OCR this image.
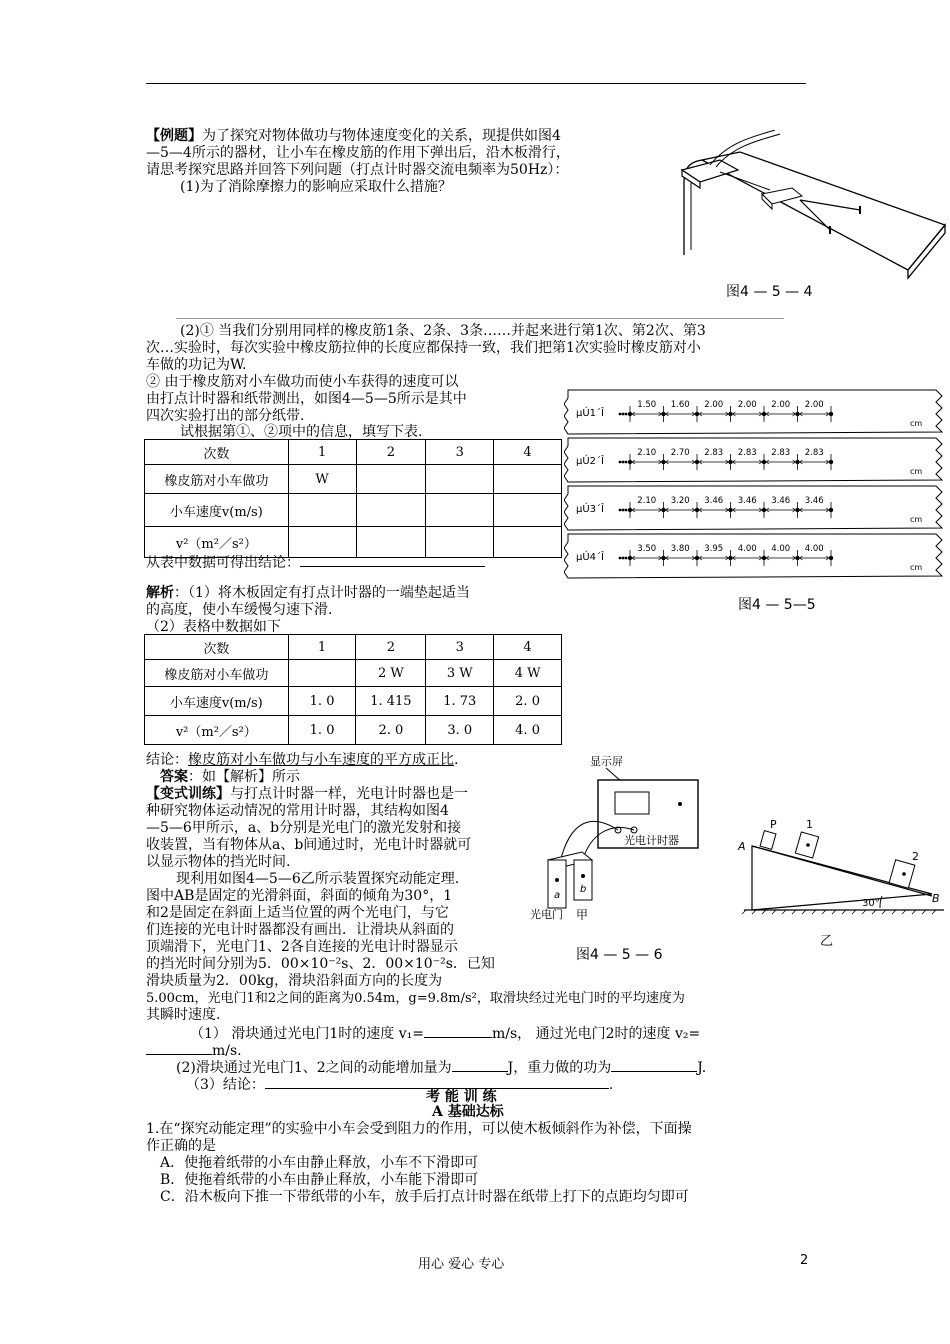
【例题】为了探究对物体做功与物体速度变化的关系，现提供如图4
—5—4所示的器材，让小车在橡皮筋的作用下弹出后，沿木板滑行，
请思考探究思路并回答下列问题（打点计时器交流电频率为50Hz）：
(1)为了消除摩擦力的影响应采取什么措施？
图4 — 5 — 4
(2)① 当我们分别用同样的橡皮筋1条、2条、3条……并起来进行第1次、第2次、第3
次…实验时，每次实验中橡皮筋拉伸的长度应都保持一致，我们把第1次实验时橡皮筋对小
车做的功记为W.
② 由于橡皮筋对小车做功而使小车获得的速度可以
由打点计时器和纸带测出，如图4—5—5所示是其中
四次实验打出的部分纸带.
试根据第①、②项中的信息，填写下表.
次数	1	2	3	4
橡皮筋对小车做功	W			
小车速度v(m/s)				
v²（m²／s²）				
从表中数据可得出结论：
µÚ1´Î
1.50 1.60 2.00 2.00 2.00 2.00
cm
µÚ2´Î
2.10 2.70 2.83 2.83 2.83 2.83
cm
µÚ3´Î
2.10 3.20 3.46 3.46 3.46 3.46
cm
µÚ4´Î
3.50 3.80 3.95 4.00 4.00 4.00
cm
图4 — 5—5
解析：（1）将木板固定有打点计时器的一端垫起适当
的高度，使小车缓慢匀速下滑.
（2）表格中数据如下
次数	1	2	3	4
橡皮筋对小车做功		2 W	3 W	4 W
小车速度v(m/s)	1. 0	1. 415	1. 73	2. 0
v²（m²／s²）	1. 0	2. 0	3. 0	4. 0
结论：橡皮筋对小车做功与小车速度的平方成正比.
答案：如【解析】所示
【变式训练】与打点计时器一样，光电计时器也是一
种研究物体运动情况的常用计时器，其结构如图4
—5—6甲所示，a、b分别是光电门的激光发射和接
收装置，当有物体从a、b间通过时，光电计时器就可
以显示物体的挡光时间.
现利用如图4—5—6乙所示装置探究动能定理.
图中AB是固定的光滑斜面，斜面的倾角为30°，1
和2是固定在斜面上适当位置的两个光电门，与它
们连接的光电计时器都没有画出．让滑块从斜面的
顶端滑下，光电门1、2各自连接的光电计时器显示
的挡光时间分别为5．00×10⁻²s、2．00×10⁻²s．已知
滑块质量为2．00kg，滑块沿斜面方向的长度为
5.00cm，光电门1和2之间的距离为0.54m，g=9.8m/s²，取滑块经过光电门时的平均速度为
其瞬时速度.
显示屏
光电计时器
a
b
光电门 甲
图4 — 5 — 6
P	1
2
A
B
30°
乙
（1） 滑块通过光电门1时的速度 v₁=	m/s， 通过光电门2时的速度 v₂=
m/s.
(2)滑块通过光电门1、2之间的动能增加量为	J，重力做的功为	J.
（3）结论：	.
考 能 训 练
A 基础达标
1.在“探究动能定理”的实验中小车会受到阻力的作用，可以使木板倾斜作为补偿，下面操
作正确的是
A．使拖着纸带的小车由静止释放，小车不下滑即可
B．使拖着纸带的小车由静止释放，小车能下滑即可
C．沿木板向下推一下带纸带的小车，放手后打点计时器在纸带上打下的点距均匀即可
用心 爱心 专心	2
